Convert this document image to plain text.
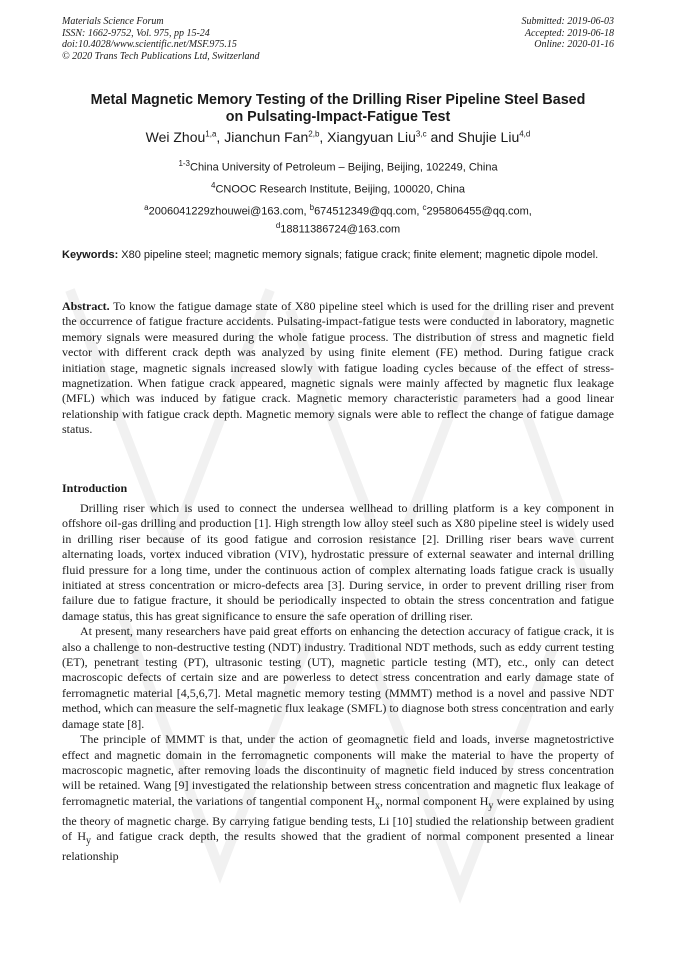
Materials Science Forum
ISSN: 1662-9752, Vol. 975, pp 15-24
doi:10.4028/www.scientific.net/MSF.975.15
© 2020 Trans Tech Publications Ltd, Switzerland
Submitted: 2019-06-03
Accepted: 2019-06-18
Online: 2020-01-16
Metal Magnetic Memory Testing of the Drilling Riser Pipeline Steel Based
on Pulsating-Impact-Fatigue Test
Wei Zhou$^{1,a}$, Jianchun Fan$^{2,b}$, Xiangyuan Liu$^{3,c}$ and Shujie Liu$^{4,d}$
$^{1-3}$China University of Petroleum – Beijing, Beijing, 102249, China
$^4$CNOOC Research Institute, Beijing, 100020, China
$^a$2006041229zhouwei@163.com, $^b$674512349@qq.com, $^c$295806455@qq.com,
$^d$18811386724@163.com
Keywords: X80 pipeline steel; magnetic memory signals; fatigue crack; finite element; magnetic dipole model.
Abstract. To know the fatigue damage state of X80 pipeline steel which is used for the drilling riser and prevent the occurrence of fatigue fracture accidents. Pulsating-impact-fatigue tests were conducted in laboratory, magnetic memory signals were measured during the whole fatigue process. The distribution of stress and magnetic field vector with different crack depth was analyzed by using finite element (FE) method. During fatigue crack initiation stage, magnetic signals increased slowly with fatigue loading cycles because of the effect of stress-magnetization. When fatigue crack appeared, magnetic signals were mainly affected by magnetic flux leakage (MFL) which was induced by fatigue crack. Magnetic memory characteristic parameters had a good linear relationship with fatigue crack depth. Magnetic memory signals were able to reflect the change of fatigue damage status.
Introduction

Drilling riser which is used to connect the undersea wellhead to drilling platform is a key component in offshore oil-gas drilling and production [1]. High strength low alloy steel such as X80 pipeline steel is widely used in drilling riser because of its good fatigue and corrosion resistance [2]. Drilling riser bears wave current alternating loads, vortex induced vibration (VIV), hydrostatic pressure of external seawater and internal drilling fluid pressure for a long time, under the continuous action of complex alternating loads fatigue crack is usually initiated at stress concentration or micro-defects area [3]. During service, in order to prevent drilling riser from failure due to fatigue fracture, it should be periodically inspected to obtain the stress concentration and fatigue damage status, this has great significance to ensure the safe operation of drilling riser.

At present, many researchers have paid great efforts on enhancing the detection accuracy of fatigue crack, it is also a challenge to non-destructive testing (NDT) industry. Traditional NDT methods, such as eddy current testing (ET), penetrant testing (PT), ultrasonic testing (UT), magnetic particle testing (MT), etc., only can detect macroscopic defects of certain size and are powerless to detect stress concentration and early damage state of ferromagnetic material [4,5,6,7]. Metal magnetic memory testing (MMMT) method is a novel and passive NDT method, which can measure the self-magnetic flux leakage (SMFL) to diagnose both stress concentration and early damage state [8].

The principle of MMMT is that, under the action of geomagnetic field and loads, inverse magnetostrictive effect and magnetic domain in the ferromagnetic components will make the material to have the property of macroscopic magnetic, after removing loads the discontinuity of magnetic field induced by stress concentration will be retained. Wang [9] investigated the relationship between stress concentration and magnetic flux leakage of ferromagnetic material, the variations of tangential component $H_x$, normal component $H_y$ were explained by using the theory of magnetic charge. By carrying fatigue bending tests, Li [10] studied the relationship between gradient of $H_y$ and fatigue crack depth, the results showed that the gradient of normal component presented a linear relationship
